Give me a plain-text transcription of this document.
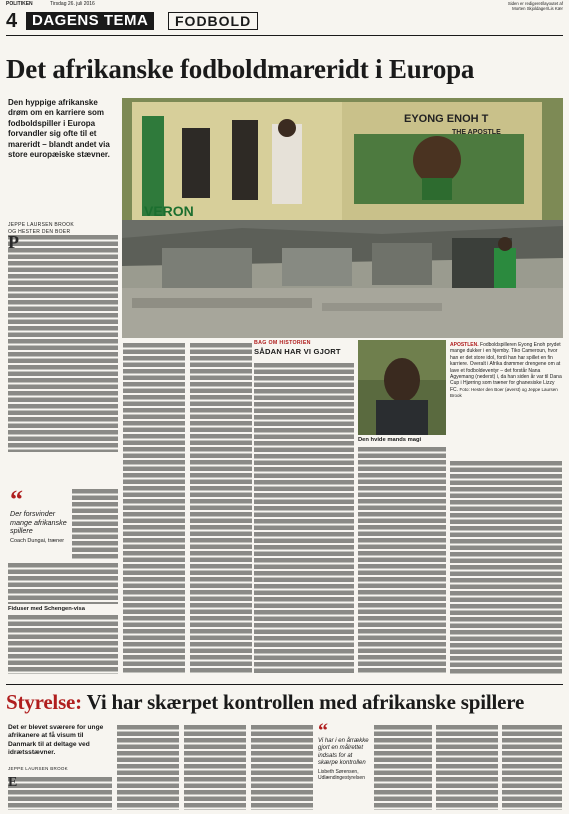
POLITIKEN	Tirsdag 26. juli 2016	Siden er redigeret/layoutet af
Morten Skjoldager/Lis Kær
4 DAGENS TEMA	FODBOLD
Det afrikanske fodboldmareridt i Europa
Den hyppige afrikanske drøm om en karriere som fodboldspiller i Europa forvandler sig ofte til et mareridt – blandt andet via store europæiske stævner.
JEPPE LAURSEN BROOK
OG HESTER DEN BOER
VERON
EYONG ENOH T
THE APOSTLE
P
“
Der forsvinder mange afrikanske spillere
Coach Dungai, træner
Fiduser med Schengen-visa
BAG OM HISTORIEN
SÅDAN HAR VI GJORT
Den hvide mands magi
APOSTLEN. Fodboldspilleren Eyong Enoh prydet mange dukker i en hjemby. Tiko Cameroun, hvor han er det store idol, fordi han har spillet en fin karriere. Overalt i Afrika drømmer drengene om at lave et fodboldeventyr – det forstår Nana Agyemang (nederst) i, da han siden år var til Dana Cup i Hjørring som træner for ghanesiske Lizzy FC. Foto: Hester den Boer (øverst) og Jeppe Laursen Brook
Styrelse: Vi har skærpet kontrollen med afrikanske spillere
Det er blevet sværere for unge afrikanere at få visum til Danmark til at deltage ved idrætsstævner.
JEPPE LAURSEN BROOK
E
“
Vi har i en årrække gjort en målrettet indsats for at skærpe kontrollen
Lisbeth Sørensen, Udlændingestyrelsen
